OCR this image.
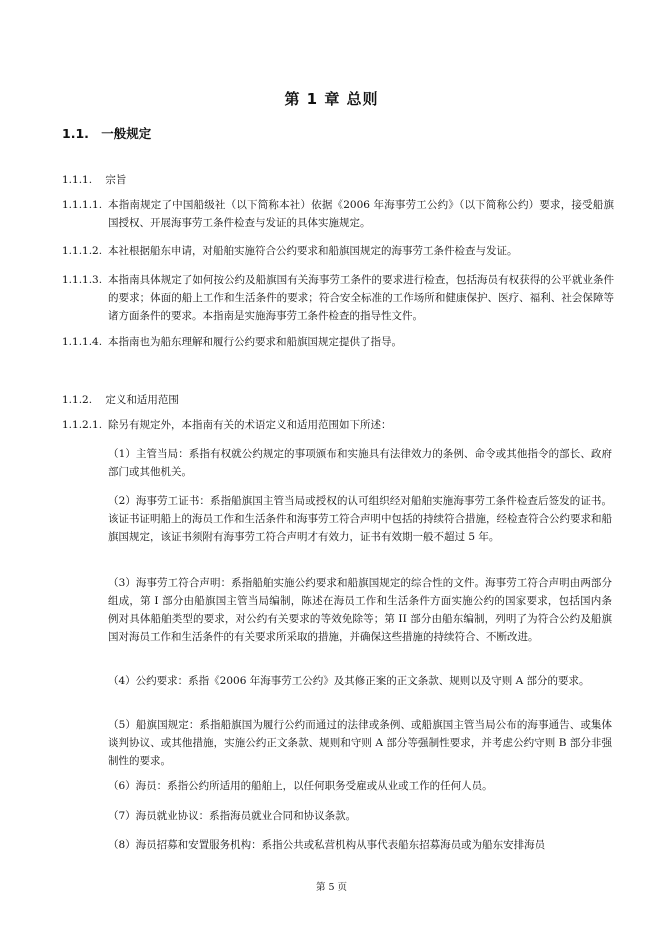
第 1 章 总则
1.1. 一般规定
1.1.1. 宗旨
1.1.1.1. 本指南规定了中国船级社（以下简称本社）依据《2006 年海事劳工公约》（以下简称公约）要求，接受船旗国授权、开展海事劳工条件检查与发证的具体实施规定。
1.1.1.2. 本社根据船东申请，对船舶实施符合公约要求和船旗国规定的海事劳工条件检查与发证。
1.1.1.3. 本指南具体规定了如何按公约及船旗国有关海事劳工条件的要求进行检查，包括海员有权获得的公平就业条件的要求；体面的船上工作和生活条件的要求；符合安全标准的工作场所和健康保护、医疗、福利、社会保障等诸方面条件的要求。本指南是实施海事劳工条件检查的指导性文件。
1.1.1.4. 本指南也为船东理解和履行公约要求和船旗国规定提供了指导。
1.1.2. 定义和适用范围
1.1.2.1. 除另有规定外，本指南有关的术语定义和适用范围如下所述：
（1）主管当局：系指有权就公约规定的事项颁布和实施具有法律效力的条例、命令或其他指令的部长、政府部门或其他机关。
（2）海事劳工证书：系指船旗国主管当局或授权的认可组织经对船舶实施海事劳工条件检查后签发的证书。该证书证明船上的海员工作和生活条件和海事劳工符合声明中包括的持续符合措施，经检查符合公约要求和船旗国规定，该证书须附有海事劳工符合声明才有效力，证书有效期一般不超过 5 年。
（3）海事劳工符合声明：系指船舶实施公约要求和船旗国规定的综合性的文件。海事劳工符合声明由两部分组成，第 I 部分由船旗国主管当局编制，陈述在海员工作和生活条件方面实施公约的国家要求，包括国内条例对具体船舶类型的要求，对公约有关要求的等效免除等；第 II 部分由船东编制，列明了为符合公约及船旗国对海员工作和生活条件的有关要求所采取的措施，并确保这些措施的持续符合、不断改进。
（4）公约要求：系指《2006 年海事劳工公约》及其修正案的正文条款、规则以及守则 A 部分的要求。
（5）船旗国规定：系指船旗国为履行公约而通过的法律或条例、或船旗国主管当局公布的海事通告、或集体谈判协议、或其他措施，实施公约正文条款、规则和守则 A 部分等强制性要求，并考虑公约守则 B 部分非强制性的要求。
（6）海员：系指公约所适用的船舶上，以任何职务受雇或从业或工作的任何人员。
（7）海员就业协议：系指海员就业合同和协议条款。
（8）海员招募和安置服务机构：系指公共或私营机构从事代表船东招募海员或为船东安排海员
第 5 页
